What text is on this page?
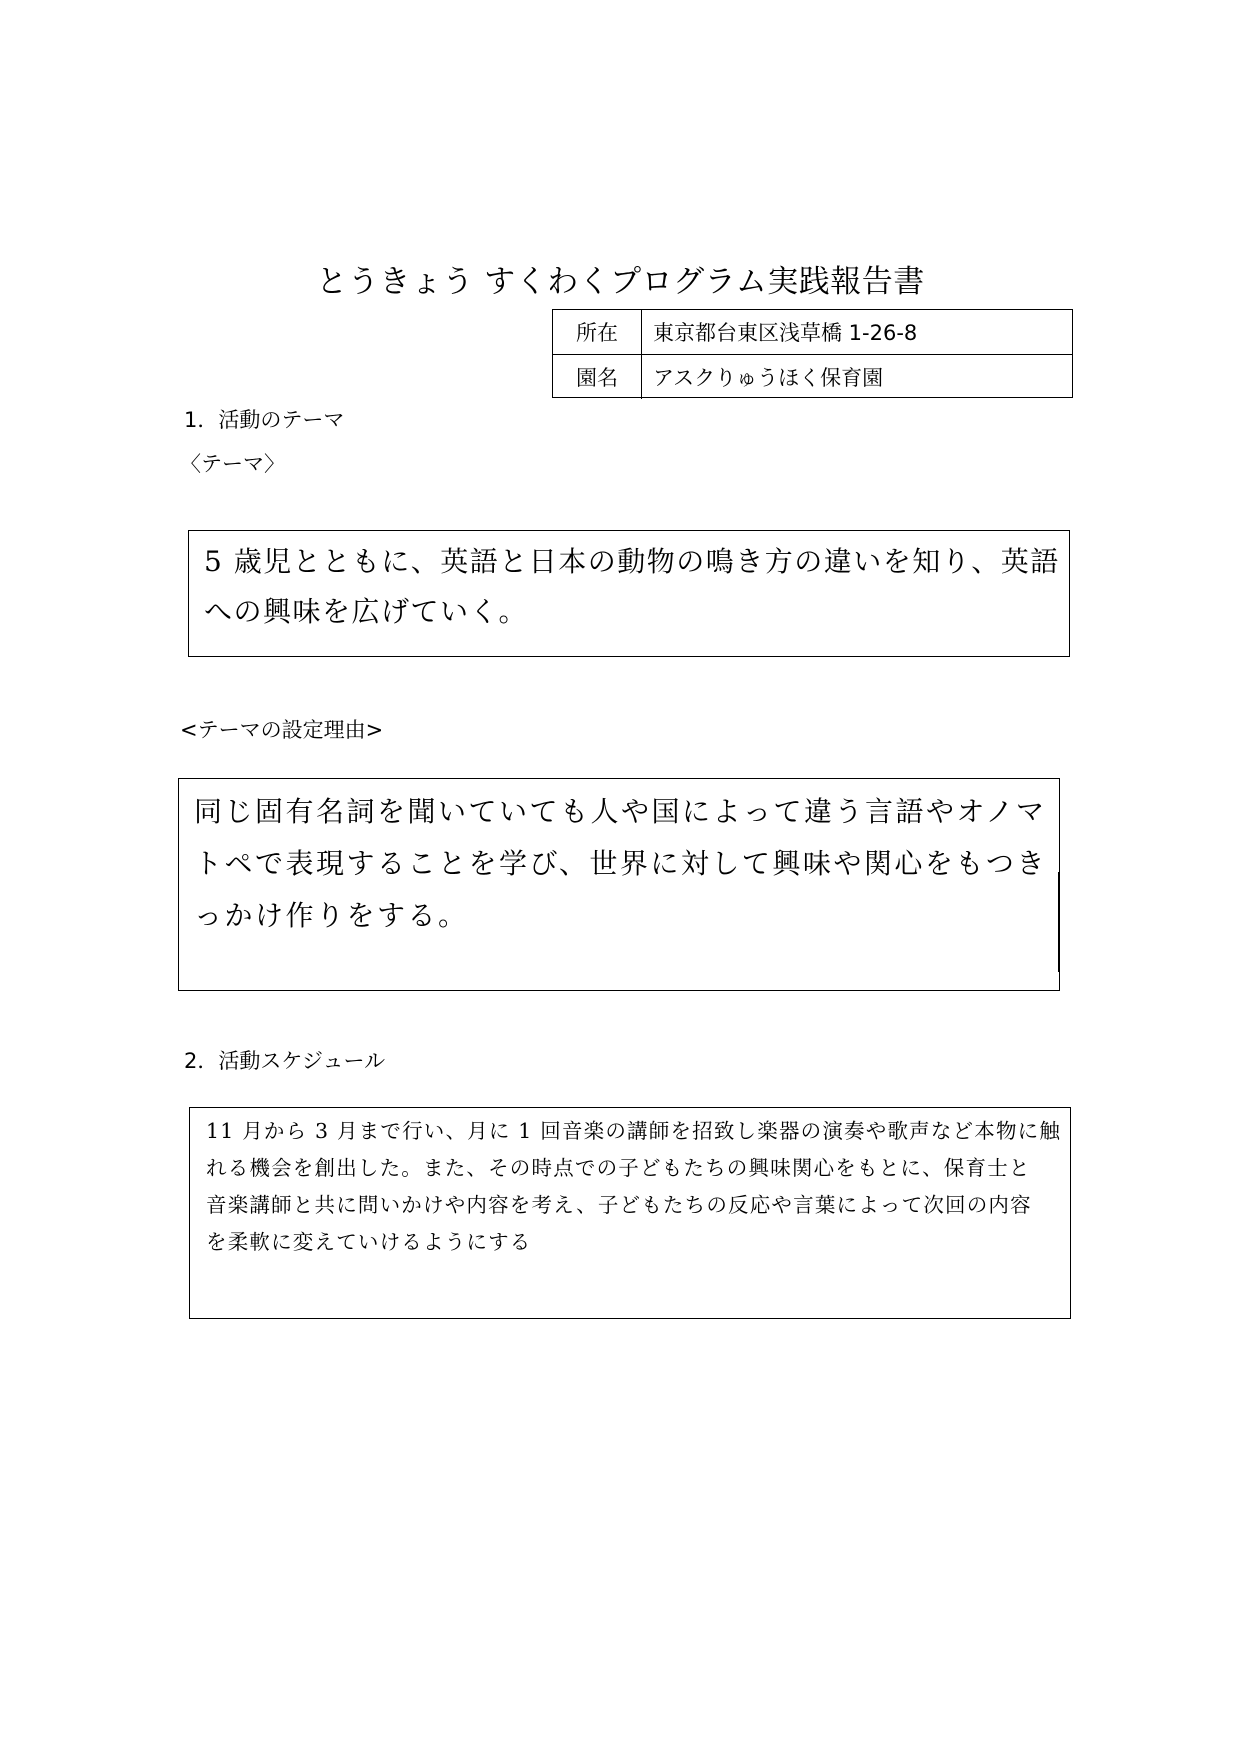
とうきょう すくわくプログラム実践報告書
所在	東京都台東区浅草橋 1-26-8
園名	アスクりゅうほく保育園
1．活動のテーマ
〈テーマ〉
5 歳児とともに、英語と日本の動物の鳴き方の違いを知り、英語
への興味を広げていく。
<テーマの設定理由>
同じ固有名詞を聞いていても人や国によって違う言語やオノマ
トペで表現することを学び、世界に対して興味や関心をもつき
っかけ作りをする。
2．活動スケジュール
11 月から 3 月まで行い、月に 1 回音楽の講師を招致し楽器の演奏や歌声など本物に触
れる機会を創出した。また、その時点での子どもたちの興味関心をもとに、保育士と
音楽講師と共に問いかけや内容を考え、子どもたちの反応や言葉によって次回の内容
を柔軟に変えていけるようにする
